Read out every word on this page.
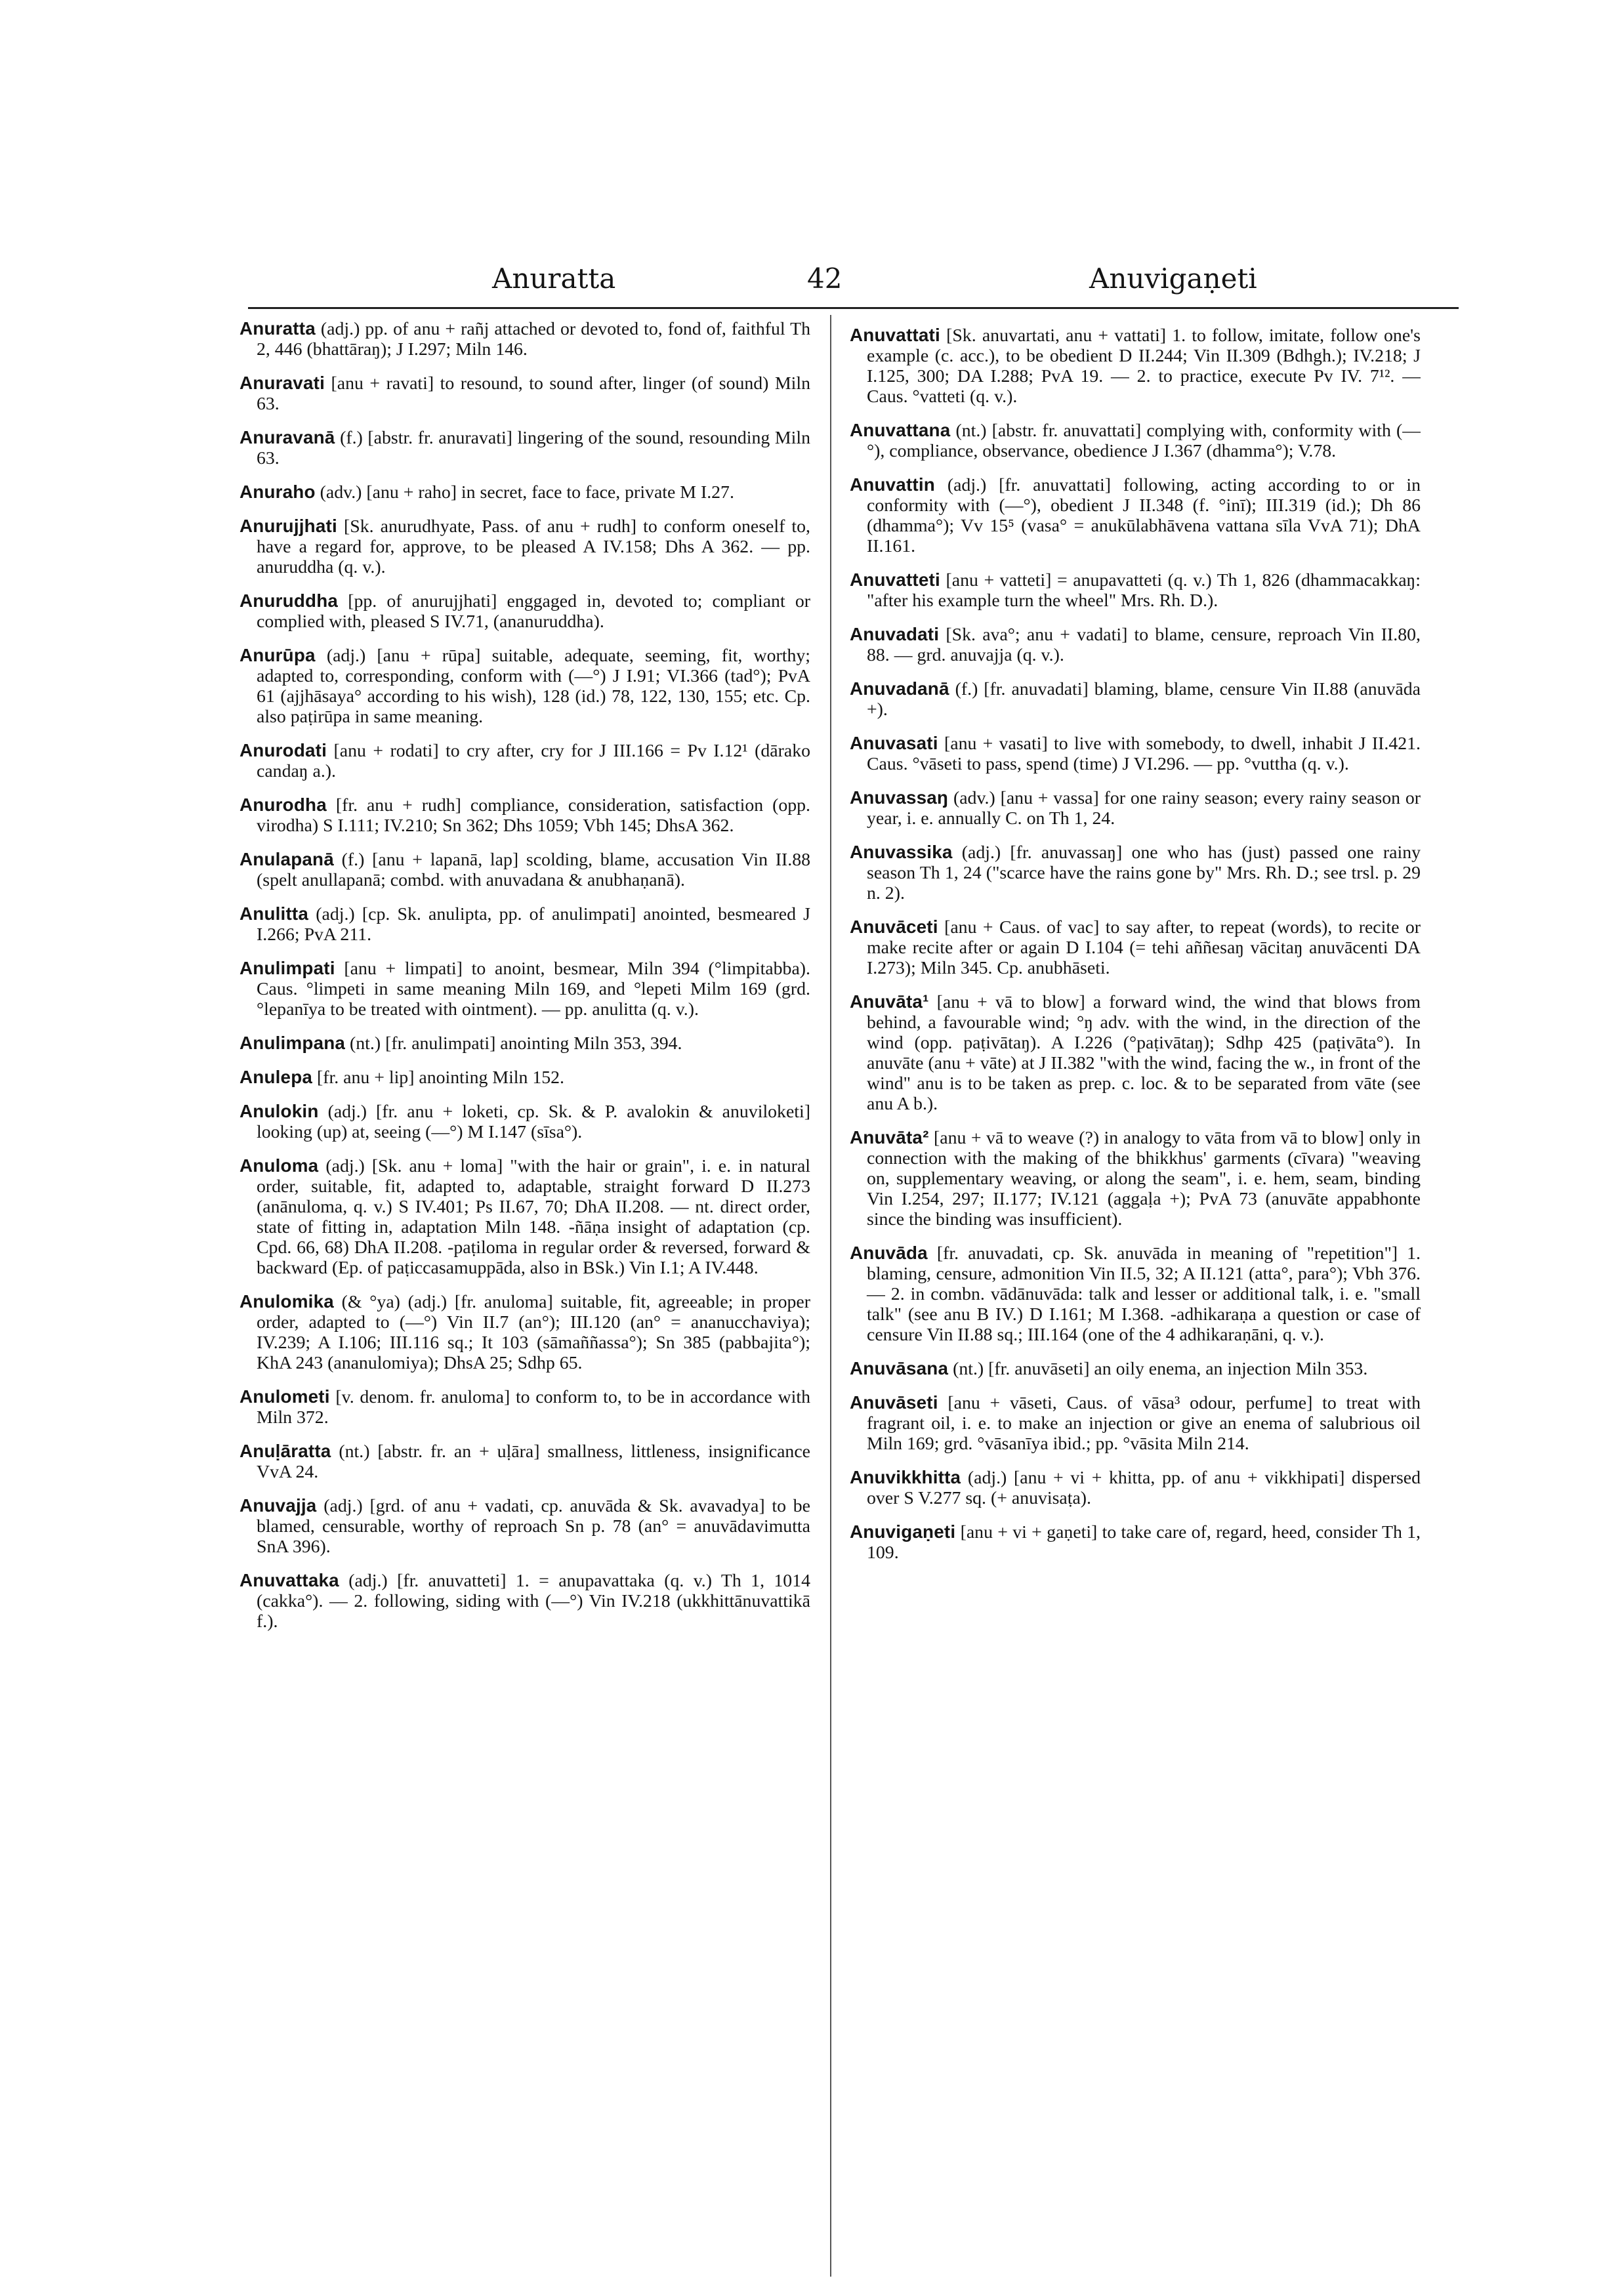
Anuratta	42	Anuvigaṇeti

Anuratta (adj.) pp. of anu + rañj attached or devoted to, fond of, faithful Th 2, 446 (bhattāraŋ); J I.297; Miln 146.

Anuravati [anu + ravati] to resound, to sound after, linger (of sound) Miln 63.

Anuravanā (f.) [abstr. fr. anuravati] lingering of the sound, resounding Miln 63.

Anuraho (adv.) [anu + raho] in secret, face to face, private M I.27.

Anurujjhati [Sk. anurudhyate, Pass. of anu + rudh] to conform oneself to, have a regard for, approve, to be pleased A IV.158; Dhs A 362. — pp. anuruddha (q. v.).

Anuruddha [pp. of anurujjhati] enggaged in, devoted to; compliant or complied with, pleased S IV.71, (ananuruddha).

Anurūpa (adj.) [anu + rūpa] suitable, adequate, seeming, fit, worthy; adapted to, corresponding, conform with (—°) J I.91; VI.366 (tad°); PvA 61 (ajjhāsaya° according to his wish), 128 (id.) 78, 122, 130, 155; etc. Cp. also paṭirūpa in same meaning.

Anurodati [anu + rodati] to cry after, cry for J III.166 = Pv I.12¹ (dārako candaŋ a.).

Anurodha [fr. anu + rudh] compliance, consideration, satisfaction (opp. virodha) S I.111; IV.210; Sn 362; Dhs 1059; Vbh 145; DhsA 362.

Anulapanā (f.) [anu + lapanā, lap] scolding, blame, accusation Vin II.88 (spelt anullapanā; combd. with anuvadana & anubhaṇanā).

Anulitta (adj.) [cp. Sk. anulipta, pp. of anulimpati] anointed, besmeared J I.266; PvA 211.

Anulimpati [anu + limpati] to anoint, besmear, Miln 394 (°limpitabba). Caus. °limpeti in same meaning Miln 169, and °lepeti Milm 169 (grd. °lepanīya to be treated with ointment). — pp. anulitta (q. v.).

Anulimpana (nt.) [fr. anulimpati] anointing Miln 353, 394.

Anulepa [fr. anu + lip] anointing Miln 152.

Anulokin (adj.) [fr. anu + loketi, cp. Sk. & P. avalokin & anuviloketi] looking (up) at, seeing (—°) M I.147 (sīsa°).

Anuloma (adj.) [Sk. anu + loma] "with the hair or grain", i. e. in natural order, suitable, fit, adapted to, adaptable, straight forward D II.273 (anānuloma, q. v.) S IV.401; Ps II.67, 70; DhA II.208. — nt. direct order, state of fitting in, adaptation Miln 148. -ñāṇa insight of adaptation (cp. Cpd. 66, 68) DhA II.208. -paṭiloma in regular order & reversed, forward & backward (Ep. of paṭiccasamuppāda, also in BSk.) Vin I.1; A IV.448.

Anulomika (& °ya) (adj.) [fr. anuloma] suitable, fit, agreeable; in proper order, adapted to (—°) Vin II.7 (an°); III.120 (an° = ananucchaviya); IV.239; A I.106; III.116 sq.; It 103 (sāmaññassa°); Sn 385 (pabbajita°); KhA 243 (ananulomiya); DhsA 25; Sdhp 65.

Anulometi [v. denom. fr. anuloma] to conform to, to be in accordance with Miln 372.

Anuḷāratta (nt.) [abstr. fr. an + uḷāra] smallness, littleness, insignificance VvA 24.

Anuvajja (adj.) [grd. of anu + vadati, cp. anuvāda & Sk. avavadya] to be blamed, censurable, worthy of reproach Sn p. 78 (an° = anuvādavimutta SnA 396).

Anuvattaka (adj.) [fr. anuvatteti] 1. = anupavattaka (q. v.) Th 1, 1014 (cakka°). — 2. following, siding with (—°) Vin IV.218 (ukkhittānuvattikā f.).

Anuvattati [Sk. anuvartati, anu + vattati] 1. to follow, imitate, follow one's example (c. acc.), to be obedient D II.244; Vin II.309 (Bdhgh.); IV.218; J I.125, 300; DA I.288; PvA 19. — 2. to practice, execute Pv IV. 7¹². — Caus. °vatteti (q. v.).

Anuvattana (nt.) [abstr. fr. anuvattati] complying with, conformity with (—°), compliance, observance, obedience J I.367 (dhamma°); V.78.

Anuvattin (adj.) [fr. anuvattati] following, acting according to or in conformity with (—°), obedient J II.348 (f. °inī); III.319 (id.); Dh 86 (dhamma°); Vv 15⁵ (vasa° = anukūlabhāvena vattana sīla VvA 71); DhA II.161.

Anuvatteti [anu + vatteti] = anupavatteti (q. v.) Th 1, 826 (dhammacakkaŋ: "after his example turn the wheel" Mrs. Rh. D.).

Anuvadati [Sk. ava°; anu + vadati] to blame, censure, reproach Vin II.80, 88. — grd. anuvajja (q. v.).

Anuvadanā (f.) [fr. anuvadati] blaming, blame, censure Vin II.88 (anuvāda +).

Anuvasati [anu + vasati] to live with somebody, to dwell, inhabit J II.421. Caus. °vāseti to pass, spend (time) J VI.296. — pp. °vuttha (q. v.).

Anuvassaŋ (adv.) [anu + vassa] for one rainy season; every rainy season or year, i. e. annually C. on Th 1, 24.

Anuvassika (adj.) [fr. anuvassaŋ] one who has (just) passed one rainy season Th 1, 24 ("scarce have the rains gone by" Mrs. Rh. D.; see trsl. p. 29 n. 2).

Anuvāceti [anu + Caus. of vac] to say after, to repeat (words), to recite or make recite after or again D I.104 (= tehi aññesaŋ vācitaŋ anuvācenti DA I.273); Miln 345. Cp. anubhāseti.

Anuvāta¹ [anu + vā to blow] a forward wind, the wind that blows from behind, a favourable wind; °ŋ adv. with the wind, in the direction of the wind (opp. paṭivātaŋ). A I.226 (°paṭivātaŋ); Sdhp 425 (paṭivāta°). In anuvāte (anu + vāte) at J II.382 "with the wind, facing the w., in front of the wind" anu is to be taken as prep. c. loc. & to be separated from vāte (see anu A b.).

Anuvāta² [anu + vā to weave (?) in analogy to vāta from vā to blow] only in connection with the making of the bhikkhus' garments (cīvara) "weaving on, supplementary weaving, or along the seam", i. e. hem, seam, binding Vin I.254, 297; II.177; IV.121 (aggaḷa +); PvA 73 (anuvāte appabhonte since the binding was insufficient).

Anuvāda [fr. anuvadati, cp. Sk. anuvāda in meaning of "repetition"] 1. blaming, censure, admonition Vin II.5, 32; A II.121 (atta°, para°); Vbh 376. — 2. in combn. vādānuvāda: talk and lesser or additional talk, i. e. "small talk" (see anu B IV.) D I.161; M I.368. -adhikaraṇa a question or case of censure Vin II.88 sq.; III.164 (one of the 4 adhikaraṇāni, q. v.).

Anuvāsana (nt.) [fr. anuvāseti] an oily enema, an injection Miln 353.

Anuvāseti [anu + vāseti, Caus. of vāsa³ odour, perfume] to treat with fragrant oil, i. e. to make an injection or give an enema of salubrious oil Miln 169; grd. °vāsanīya ibid.; pp. °vāsita Miln 214.

Anuvikkhitta (adj.) [anu + vi + khitta, pp. of anu + vikkhipati] dispersed over S V.277 sq. (+ anuvisaṭa).

Anuvigaṇeti [anu + vi + gaṇeti] to take care of, regard, heed, consider Th 1, 109.
